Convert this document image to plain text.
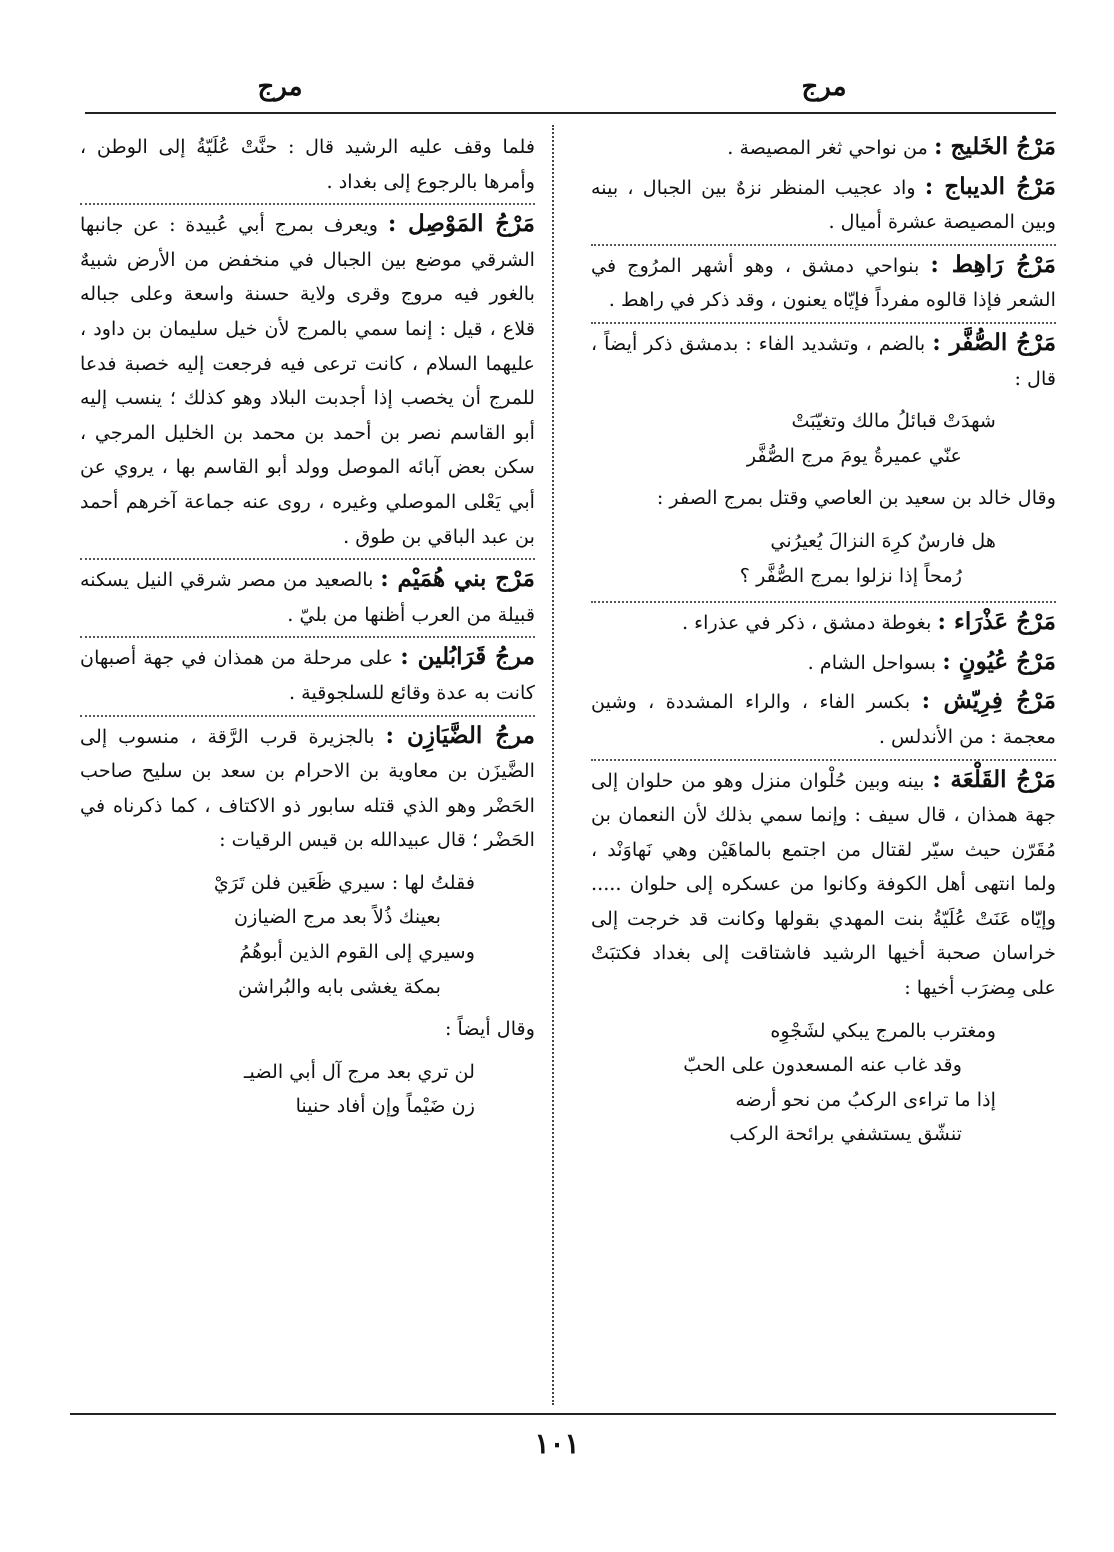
مرج
مرج

مَرْجُ الخَليج : من نواحي ثغر المصيصة .

مَرْجُ الديباج : واد عجيب المنظر نزهٌ بين الجبال ، بينه وبين المصيصة عشرة أميال .

مَرْجُ رَاهِط : بنواحي دمشق ، وهو أشهر المرُوج في الشعر فإذا قالوه مفرداً فإيّاه يعنون ، وقد ذكر في راهط .

مَرْجُ الصُّفَّر : بالضم ، وتشديد الفاء : بدمشق ذكر أيضاً ، قال :

شهدَتْ قبائلُ مالك وتغيّبَتْ
عنّي عميرةُ يومَ مرج الصُّفَّر

وقال خالد بن سعيد بن العاصي وقتل بمرج الصفر :

هل فارسٌ كرِهَ النزالَ يُعيرُني
رُمحاً إذا نزلوا بمرج الصُّفَّر ؟

مَرْجُ عَذْرَاء : بغوطة دمشق ، ذكر في عذراء .

مَرْجُ عُيُونٍ : بسواحل الشام .

مَرْجُ فِرِيّش : بكسر الفاء ، والراء المشددة ، وشين معجمة : من الأندلس .

مَرْجُ القَلْعَة : بينه وبين حُلْوان منزل وهو من حلوان إلى جهة همذان ، قال سيف : وإنما سمي بذلك لأن النعمان بن مُقَرّن حيث سيّر لقتال من اجتمع بالماهَيْن وهي نَهاوَنْد ، ولما انتهى أهل الكوفة وكانوا من عسكره إلى حلوان ..... وإيّاه عَنَتْ عُلَيّةُ بنت المهدي بقولها وكانت قد خرجت إلى خراسان صحبة أخيها الرشيد فاشتاقت إلى بغداد فكتبَتْ على مِضرَب أخيها :

ومغترب بالمرج يبكي لشَجْوِه
وقد غاب عنه المسعدون على الحبّ
إذا ما تراءى الركبُ من نحو أرضه
تنشّق يستشفي برائحة الركب

فلما وقف عليه الرشيد قال : حنَّتْ عُلَيّةُ إلى الوطن ، وأمرها بالرجوع إلى بغداد .

مَرْجُ المَوْصِل : ويعرف بمرج أبي عُبيدة : عن جانبها الشرقي موضع بين الجبال في منخفض من الأرض شبيهٌ بالغور فيه مروج وقرى ولاية حسنة واسعة وعلى جباله قلاع ، قيل : إنما سمي بالمرج لأن خيل سليمان بن داود ، عليهما السلام ، كانت ترعى فيه فرجعت إليه خصبة فدعا للمرج أن يخصب إذا أجدبت البلاد وهو كذلك ؛ ينسب إليه أبو القاسم نصر بن أحمد بن محمد بن الخليل المرجي ، سكن بعض آبائه الموصل وولد أبو القاسم بها ، يروي عن أبي يَعْلى الموصلي وغيره ، روى عنه جماعة آخرهم أحمد بن عبد الباقي بن طوق .

مَرْج بني هُمَيْم : بالصعيد من مصر شرقي النيل يسكنه قبيلة من العرب أظنها من بليّ .

مرجُ قَرَابُلين : على مرحلة من همذان في جهة أصبهان كانت به عدة وقائع للسلجوقية .

مرجُ الضَّيَازِن : بالجزيرة قرب الرَّقة ، منسوب إلى الضَّيزَن بن معاوية بن الاحرام بن سعد بن سليح صاحب الحَضْر وهو الذي قتله سابور ذو الاكتاف ، كما ذكرناه في الحَضْر ؛ قال عبيدالله بن قيس الرقيات :

فقلتُ لها : سيري ظَعَين فلن تَرَيْ
بعينك ذُلاً بعد مرج الضيازن
وسيري إلى القوم الذين أبوهُمُ
بمكة يغشى بابه والبُراشن

وقال أيضاً :

لن تري بعد مرج آل أبي الضيـ
زن ضَيْماً وإن أفاد حنينا
١٠١
